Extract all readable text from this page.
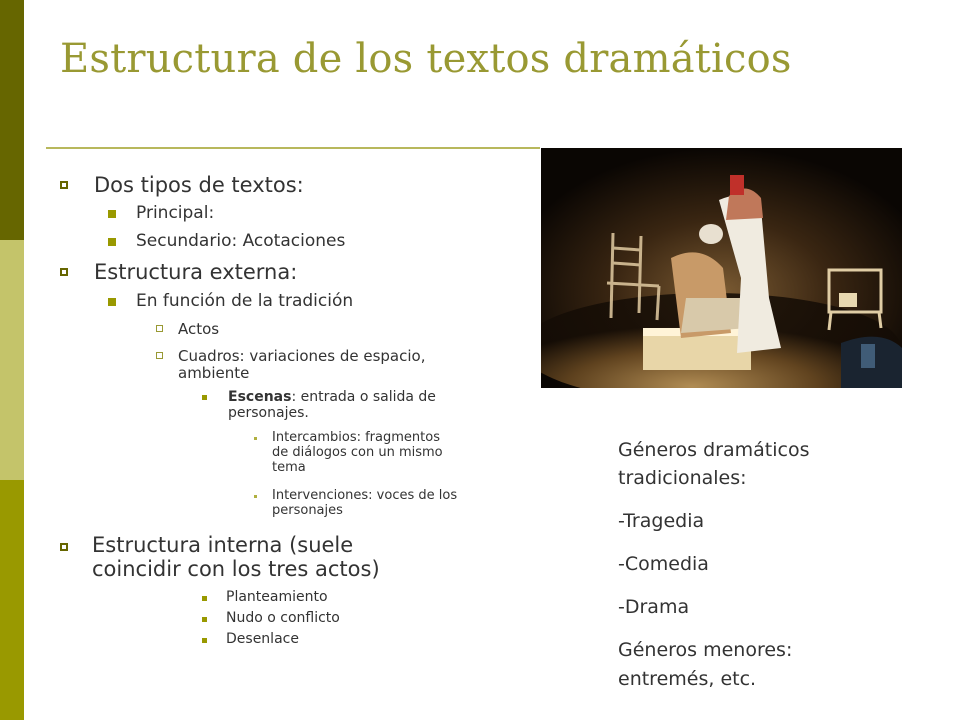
Estructura de los textos dramáticos
Dos tipos de textos:
Principal:
Secundario: Acotaciones
Estructura externa:
En función de la tradición
Actos
Cuadros: variaciones de espacio,
ambiente
Escenas: entrada o salida de
personajes.
Intercambios: fragmentos
de diálogos con un mismo
tema
Intervenciones: voces de los
personajes
Estructura interna (suele
coincidir con los tres actos)
Planteamiento
Nudo o conflicto
Desenlace
Géneros dramáticos
tradicionales:
-Tragedia
-Comedia
-Drama
Géneros menores:
entremés, etc.
